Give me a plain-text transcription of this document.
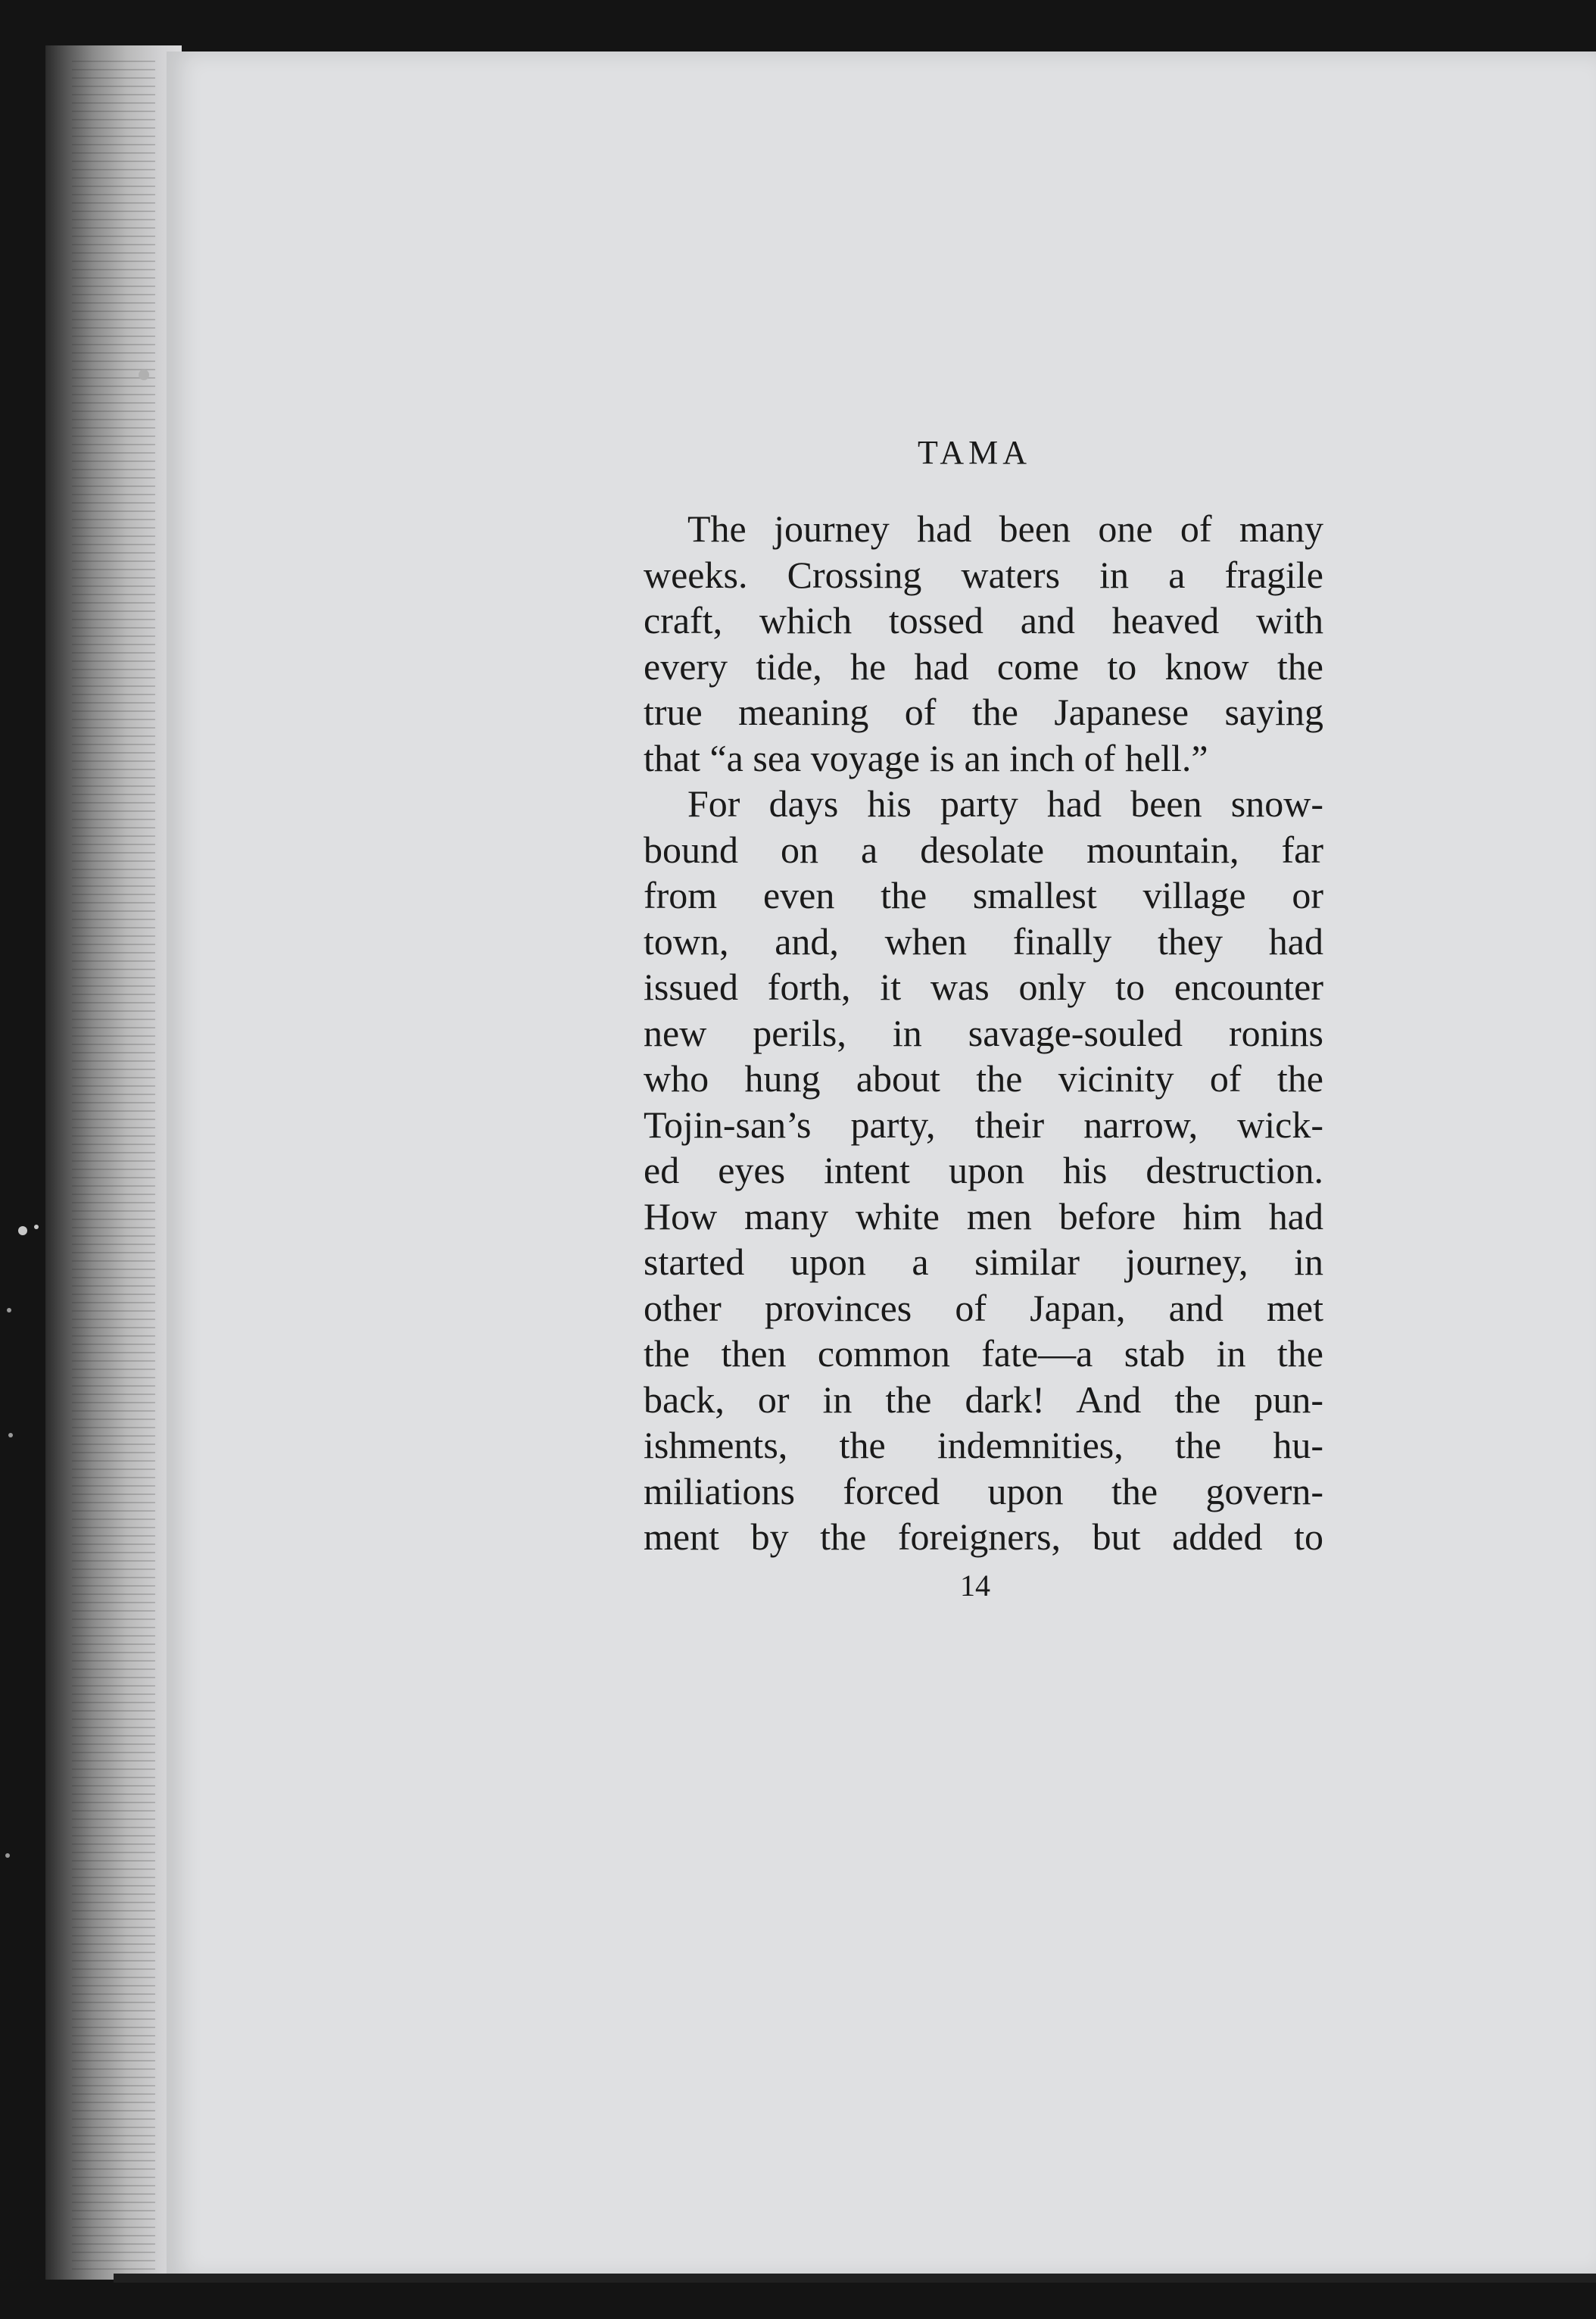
TAMA
The journey had been one of many
weeks. Crossing waters in a fragile
craft, which tossed and heaved with
every tide, he had come to know the
true meaning of the Japanese saying
that “a sea voyage is an inch of hell.”
For days his party had been snow-
bound on a desolate mountain, far
from even the smallest village or
town, and, when finally they had
issued forth, it was only to encounter
new perils, in savage-souled ronins
who hung about the vicinity of the
Tojin-san’s party, their narrow, wick-
ed eyes intent upon his destruction.
How many white men before him had
started upon a similar journey, in
other provinces of Japan, and met
the then common fate—a stab in the
back, or in the dark! And the pun-
ishments, the indemnities, the hu-
miliations forced upon the govern-
ment by the foreigners, but added to
14
